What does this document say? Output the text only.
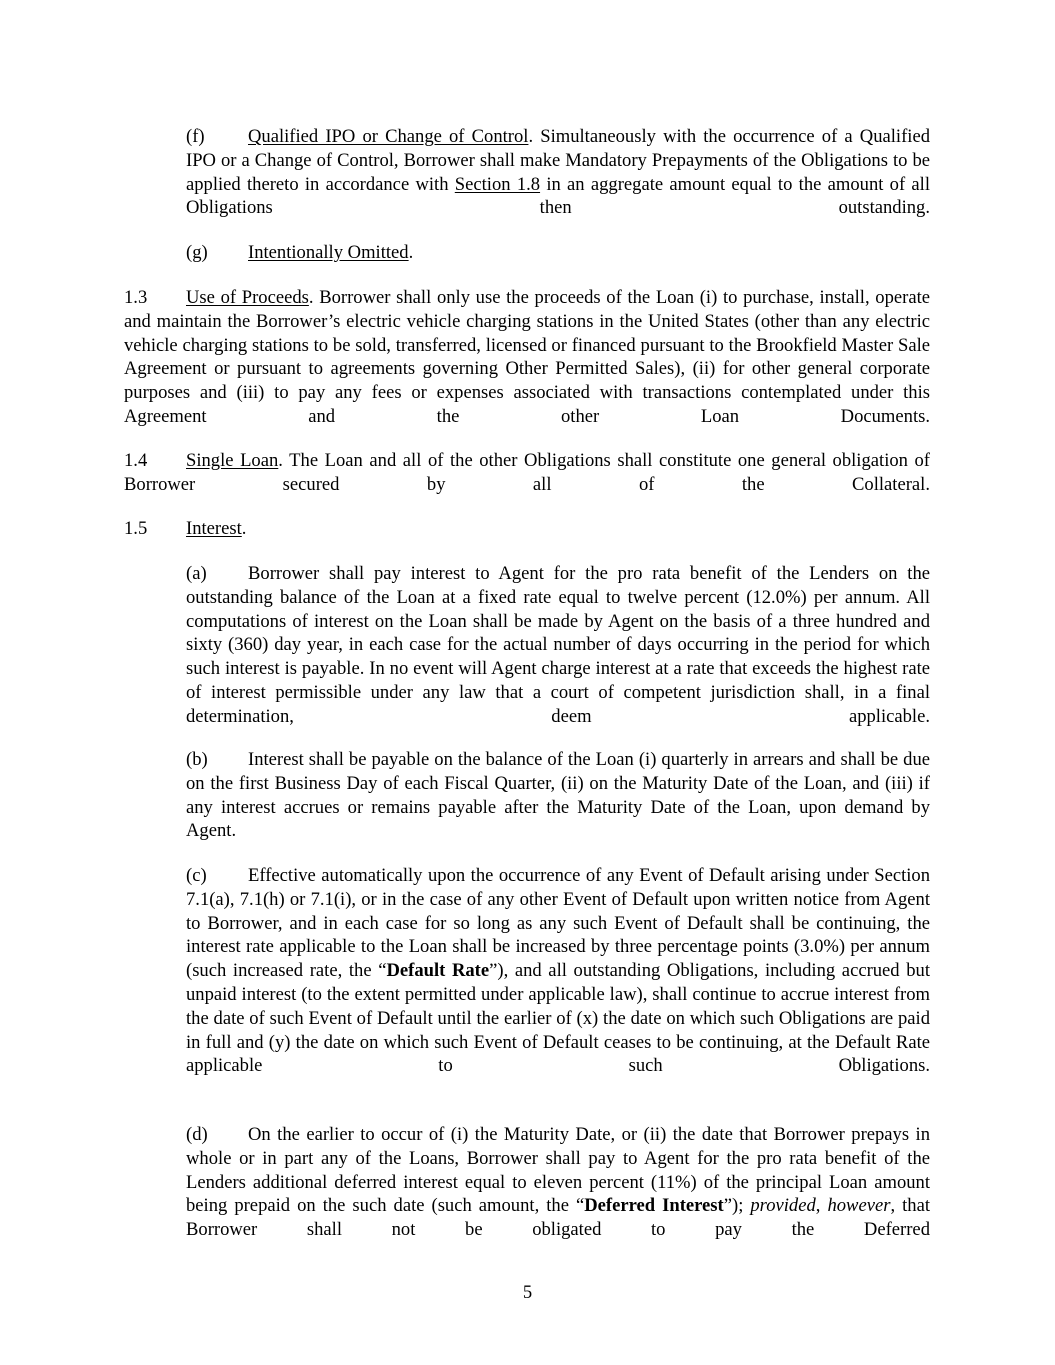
(f) Qualified IPO or Change of Control. Simultaneously with the occurrence of a Qualified IPO or a Change of Control, Borrower shall make Mandatory Prepayments of the Obligations to be applied thereto in accordance with Section 1.8 in an aggregate amount equal to the amount of all Obligations then outstanding.

(g) Intentionally Omitted.

1.3 Use of Proceeds. Borrower shall only use the proceeds of the Loan (i) to purchase, install, operate and maintain the Borrower’s electric vehicle charging stations in the United States (other than any electric vehicle charging stations to be sold, transferred, licensed or financed pursuant to the Brookfield Master Sale Agreement or pursuant to agreements governing Other Permitted Sales), (ii) for other general corporate purposes and (iii) to pay any fees or expenses associated with transactions contemplated under this Agreement and the other Loan Documents.

1.4 Single Loan. The Loan and all of the other Obligations shall constitute one general obligation of Borrower secured by all of the Collateral.

1.5 Interest.

(a) Borrower shall pay interest to Agent for the pro rata benefit of the Lenders on the outstanding balance of the Loan at a fixed rate equal to twelve percent (12.0%) per annum. All computations of interest on the Loan shall be made by Agent on the basis of a three hundred and sixty (360) day year, in each case for the actual number of days occurring in the period for which such interest is payable. In no event will Agent charge interest at a rate that exceeds the highest rate of interest permissible under any law that a court of competent jurisdiction shall, in a final determination, deem applicable.

(b) Interest shall be payable on the balance of the Loan (i) quarterly in arrears and shall be due on the first Business Day of each Fiscal Quarter, (ii) on the Maturity Date of the Loan, and (iii) if any interest accrues or remains payable after the Maturity Date of the Loan, upon demand by Agent.

(c) Effective automatically upon the occurrence of any Event of Default arising under Section 7.1(a), 7.1(h) or 7.1(i), or in the case of any other Event of Default upon written notice from Agent to Borrower, and in each case for so long as any such Event of Default shall be continuing, the interest rate applicable to the Loan shall be increased by three percentage points (3.0%) per annum (such increased rate, the “Default Rate”), and all outstanding Obligations, including accrued but unpaid interest (to the extent permitted under applicable law), shall continue to accrue interest from the date of such Event of Default until the earlier of (x) the date on which such Obligations are paid in full and (y) the date on which such Event of Default ceases to be continuing, at the Default Rate applicable to such Obligations.

(d) On the earlier to occur of (i) the Maturity Date, or (ii) the date that Borrower prepays in whole or in part any of the Loans, Borrower shall pay to Agent for the pro rata benefit of the Lenders additional deferred interest equal to eleven percent (11%) of the principal Loan amount being prepaid on the such date (such amount, the “Deferred Interest”); provided, however, that Borrower shall not be obligated to pay the Deferred

5
